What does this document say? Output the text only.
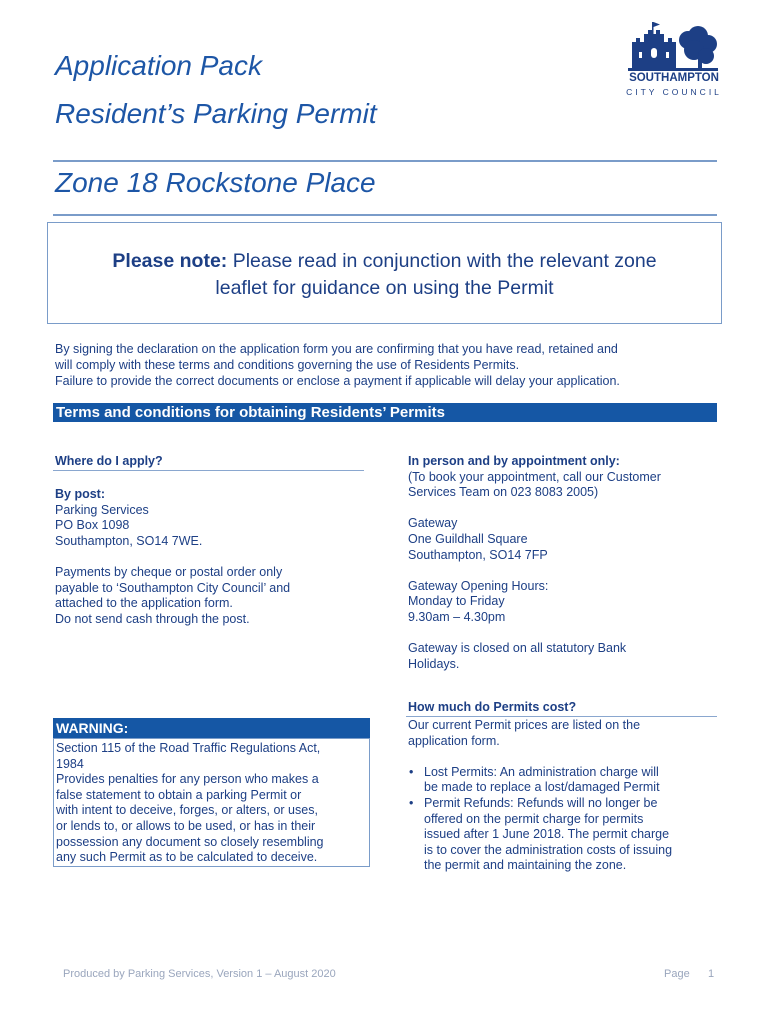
Application Pack
Resident’s Parking Permit
Zone 18 Rockstone Place
SOUTHAMPTON
CITY COUNCIL
Please note: Please read in conjunction with the relevant zone
leaflet for guidance on using the Permit
By signing the declaration on the application form you are confirming that you have read, retained and
will comply with these terms and conditions governing the use of Residents Permits.
Failure to provide the correct documents or enclose a payment if applicable will delay your application.
Terms and conditions for obtaining Residents’ Permits
Where do I apply?
By post:
Parking Services
PO Box 1098
Southampton, SO14 7WE.
Payments by cheque or postal order only
payable to ‘Southampton City Council’ and
attached to the application form.
Do not send cash through the post.
WARNING:
Section 115 of the Road Traffic Regulations Act,
1984
Provides penalties for any person who makes a
false statement to obtain a parking Permit or
with intent to deceive, forges, or alters, or uses,
or lends to, or allows to be used, or has in their
possession any document so closely resembling
any such Permit as to be calculated to deceive.
In person and by appointment only:
(To book your appointment, call our Customer
Services Team on 023 8083 2005)
Gateway
One Guildhall Square
Southampton, SO14 7FP
Gateway Opening Hours:
Monday to Friday
9.30am – 4.30pm
Gateway is closed on all statutory Bank
Holidays.
How much do Permits cost?
Our current Permit prices are listed on the
application form.
• Lost Permits: An administration charge will
be made to replace a lost/damaged Permit
• Permit Refunds: Refunds will no longer be
offered on the permit charge for permits
issued after 1 June 2018. The permit charge
is to cover the administration costs of issuing
the permit and maintaining the zone.
Produced by Parking Services, Version 1 – August 2020	Page 1
